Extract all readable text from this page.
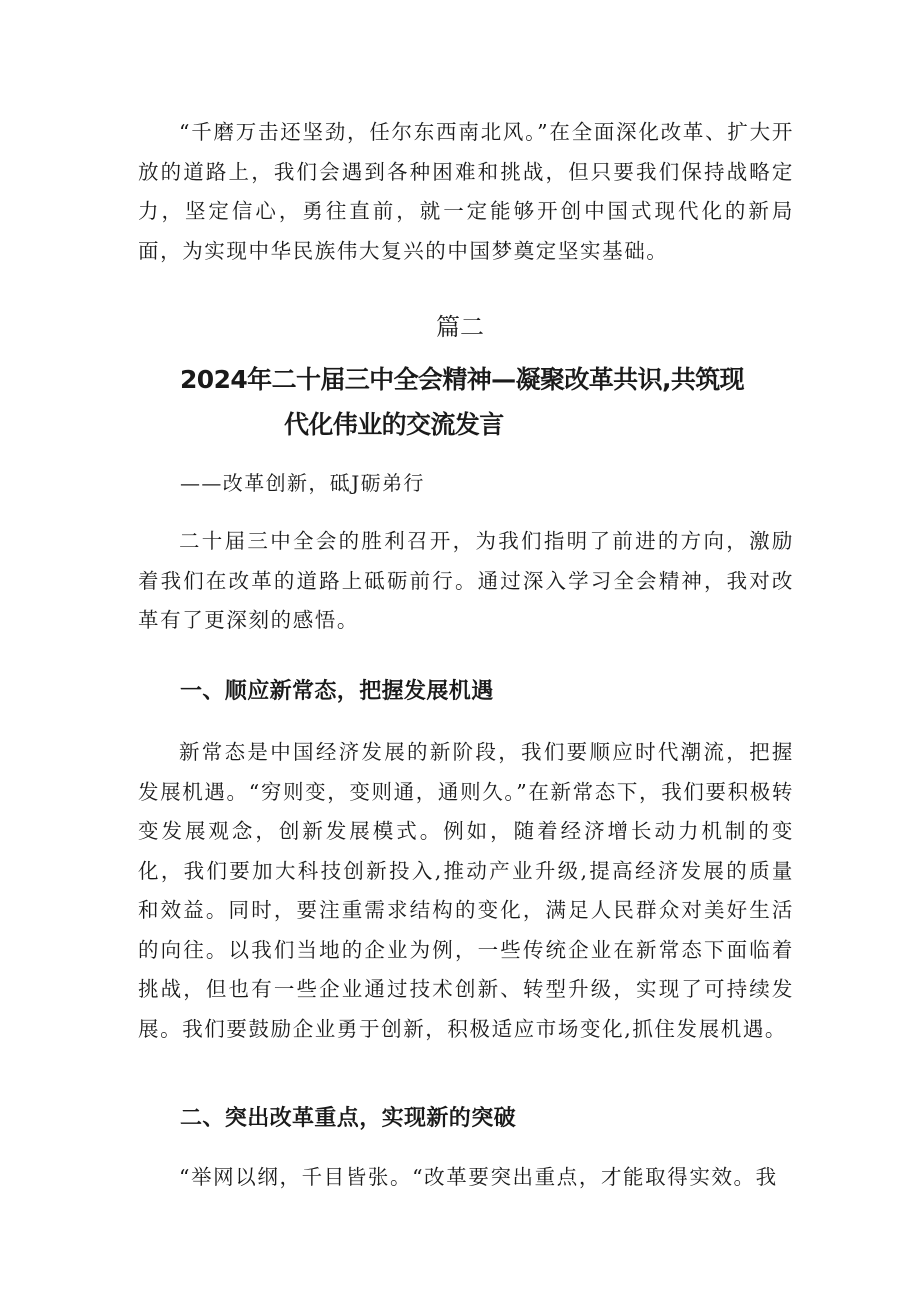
“千磨万击还坚劲，任尔东西南北风。”在全面深化改革、扩大开放的道路上，我们会遇到各种困难和挑战，但只要我们保持战略定力，坚定信心，勇往直前，就一定能够开创中国式现代化的新局面，为实现中华民族伟大复兴的中国梦奠定坚实基础。

篇二

2024年二十届三中全会精神—凝聚改革共识,共筑现
代化伟业的交流发言

——改革创新，砥J砺弟行

二十届三中全会的胜利召开，为我们指明了前进的方向，激励着我们在改革的道路上砥砺前行。通过深入学习全会精神，我对改革有了更深刻的感悟。

一、顺应新常态，把握发展机遇

新常态是中国经济发展的新阶段，我们要顺应时代潮流，把握发展机遇。“穷则变，变则通，通则久。”在新常态下，我们要积极转变发展观念，创新发展模式。例如，随着经济增长动力机制的变化，我们要加大科技创新投入,推动产业升级,提高经济发展的质量和效益。同时，要注重需求结构的变化，满足人民群众对美好生活的向往。以我们当地的企业为例，一些传统企业在新常态下面临着挑战，但也有一些企业通过技术创新、转型升级，实现了可持续发展。我们要鼓励企业勇于创新，积极适应市场变化,抓住发展机遇。

二、突出改革重点，实现新的突破

“举网以纲，千目皆张。“改革要突出重点，才能取得实效。我
